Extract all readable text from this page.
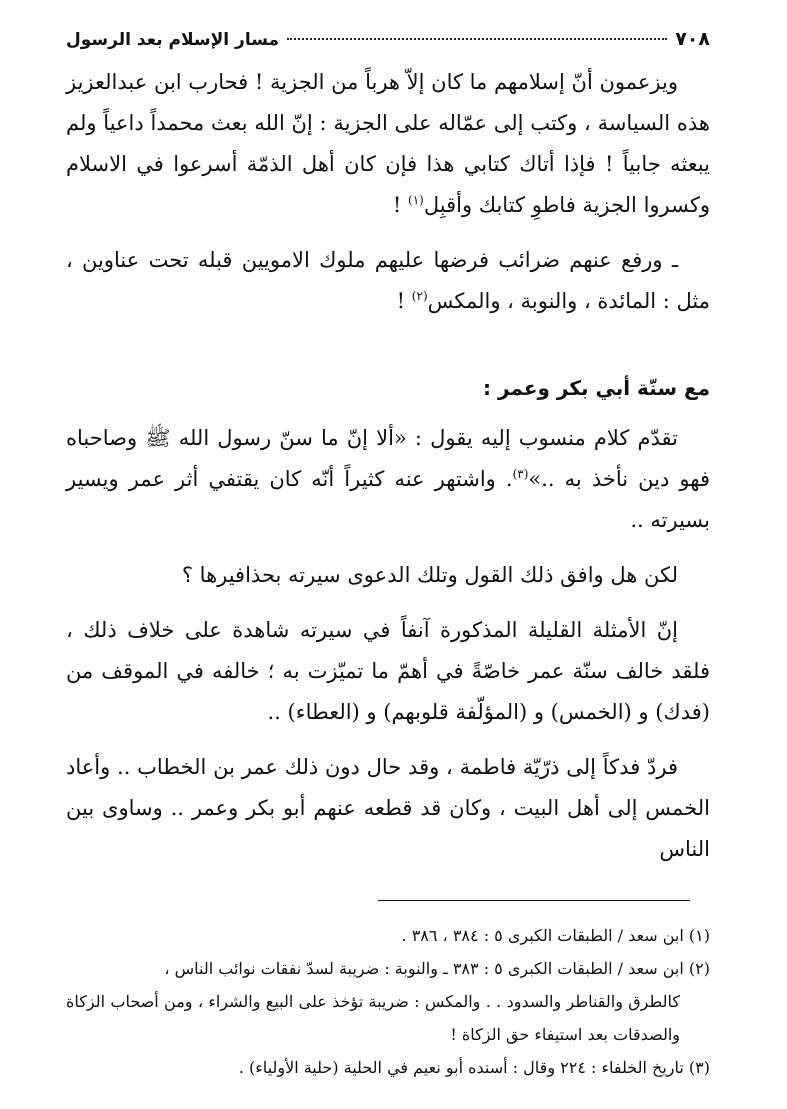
٧٠٨
مسار الإسلام بعد الرسول

ويزعمون أنّ إسلامهم ما كان إلاّ هرباً من الجزية ! فحارب ابن عبدالعزيز هذه السياسة ، وكتب إلى عمّاله على الجزية : إنّ الله بعث محمداً داعياً ولم يبعثه جابياً ! فإذا أتاك كتابي هذا فإن كان أهل الذمّة أسرعوا في الاسلام وكسروا الجزية فاطوِ كتابك وأقبِل$^{(١)}$ !

ـ ورفع عنهم ضرائب فرضها عليهم ملوك الامويين قبله تحت عناوين ، مثل : المائدة ، والنوبة ، والمكس$^{(٢)}$ !

مع سنّة أبي بكر وعمر :

تقدّم كلام منسوب إليه يقول : «ألا إنّ ما سنّ رسول الله ﷺ وصاحباه فهو دين نأخذ به ..»$^{(٣)}$. واشتهر عنه كثيراً أنّه كان يقتفي أثر عمر ويسير بسيرته ..

لكن هل وافق ذلك القول وتلك الدعوى سيرته بحذافيرها ؟

إنّ الأمثلة القليلة المذكورة آنفاً في سيرته شاهدة على خلاف ذلك ، فلقد خالف سنّة عمر خاصّةً في أهمّ ما تميّزت به ؛ خالفه في الموقف من (فدك) و (الخمس) و (المؤلّفة قلوبهم) و (العطاء) ..

فردّ فدكاً إلى ذرّيّة فاطمة ، وقد حال دون ذلك عمر بن الخطاب .. وأعاد الخمس إلى أهل البيت ، وكان قد قطعه عنهم أبو بكر وعمر .. وساوى بين الناس

(١) ابن سعد / الطبقات الكبرى ٥ : ٣٨٤ ، ٣٨٦ .

(٢) ابن سعد / الطبقات الكبرى ٥ : ٣٨٣ ـ والنوبة : ضريبة لسدّ نفقات نوائب الناس ،

كالطرق والقناطر والسدود . . والمكس : ضريبة تؤخذ على البيع والشراء ، ومن أصحاب الزكاة والصدقات بعد استيفاء حق الزكاة !

(٣) تاريخ الخلفاء : ٢٢٤ وقال : أسنده أبو نعيم في الحلية (حلية الأولياء) .
